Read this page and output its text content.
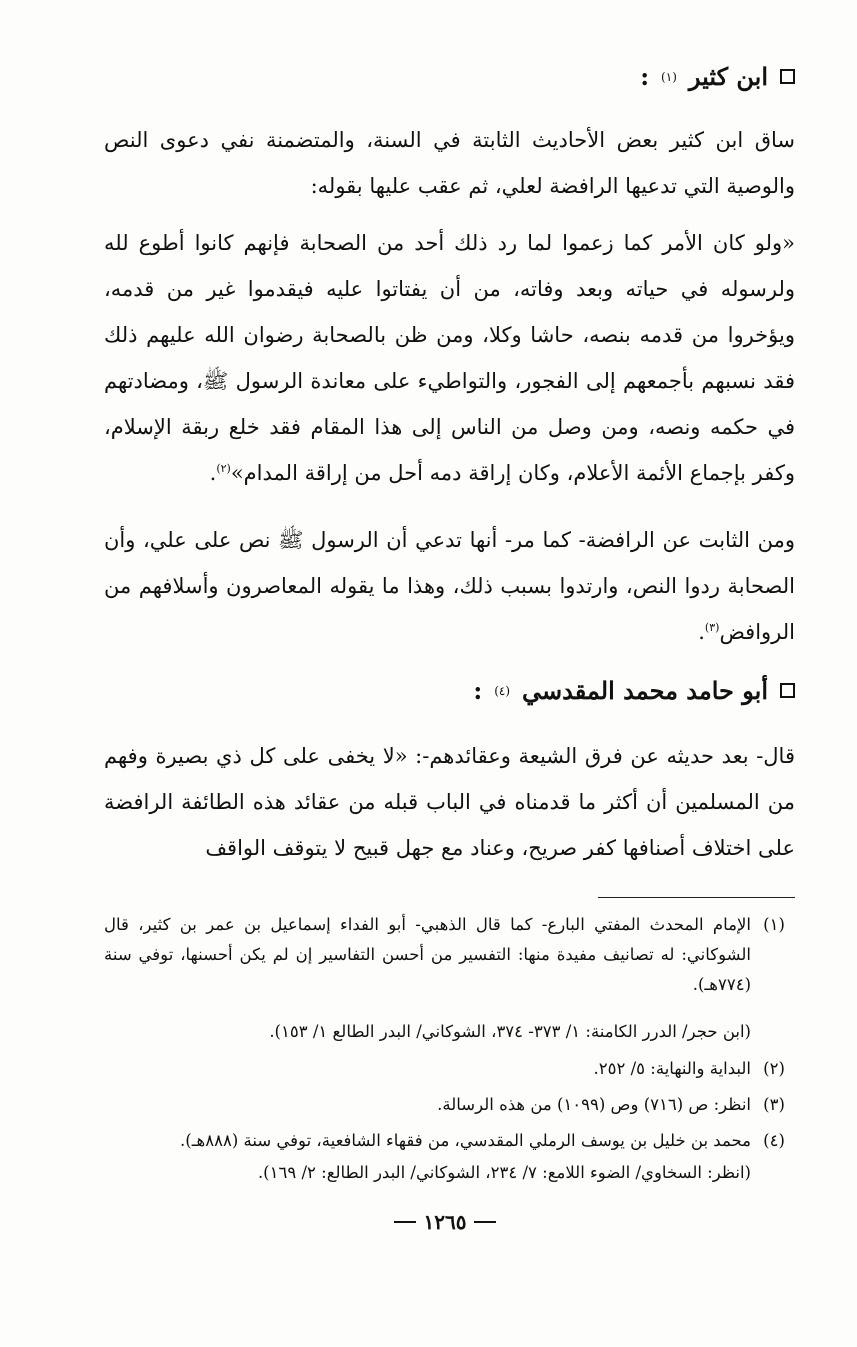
ابن كثير
(١)
:

ساق ابن كثير بعض الأحاديث الثابتة في السنة، والمتضمنة نفي دعوى النص والوصية التي تدعيها الرافضة لعلي، ثم عقب عليها بقوله:

«ولو كان الأمر كما زعموا لما رد ذلك أحد من الصحابة فإنهم كانوا أطوع لله ولرسوله في حياته وبعد وفاته، من أن يفتاتوا عليه فيقدموا غير من قدمه، ويؤخروا من قدمه بنصه، حاشا وكلا، ومن ظن بالصحابة رضوان الله عليهم ذلك فقد نسبهم بأجمعهم إلى الفجور، والتواطيء على معاندة الرسول ﷺ، ومضادتهم في حكمه ونصه، ومن وصل من الناس إلى هذا المقام فقد خلع ربقة الإسلام، وكفر بإجماع الأئمة الأعلام، وكان إراقة دمه أحل من إراقة المدام»$^{(٢)}$.

ومن الثابت عن الرافضة- كما مر- أنها تدعي أن الرسول ﷺ نص على علي، وأن الصحابة ردوا النص، وارتدوا بسبب ذلك، وهذا ما يقوله المعاصرون وأسلافهم من الروافض$^{(٣)}$.

أبو حامد محمد المقدسي
(٤)
:

قال- بعد حديثه عن فرق الشيعة وعقائدهم-: «لا يخفى على كل ذي بصيرة وفهم من المسلمين أن أكثر ما قدمناه في الباب قبله من عقائد هذه الطائفة الرافضة على اختلاف أصنافها كفر صريح، وعناد مع جهل قبيح لا يتوقف الواقف

(١)
الإمام المحدث المفتي البارع- كما قال الذهبي- أبو الفداء إسماعيل بن عمر بن كثير، قال الشوكاني: له تصانيف مفيدة منها: التفسير من أحسن التفاسير إن لم يكن أحسنها، توفي سنة (٧٧٤هـ).
(ابن حجر/ الدرر الكامنة: ١/ ٣٧٣- ٣٧٤، الشوكاني/ البدر الطالع ١/ ١٥٣).
(٢)
البداية والنهاية: ٥/ ٢٥٢.
(٣)
انظر: ص (٧١٦) وص (١٠٩٩) من هذه الرسالة.
(٤)
محمد بن خليل بن يوسف الرملي المقدسي، من فقهاء الشافعية، توفي سنة (٨٨٨هـ).
(انظر: السخاوي/ الضوء اللامع: ٧/ ٢٣٤، الشوكاني/ البدر الطالع: ٢/ ١٦٩).
١٢٦٥
